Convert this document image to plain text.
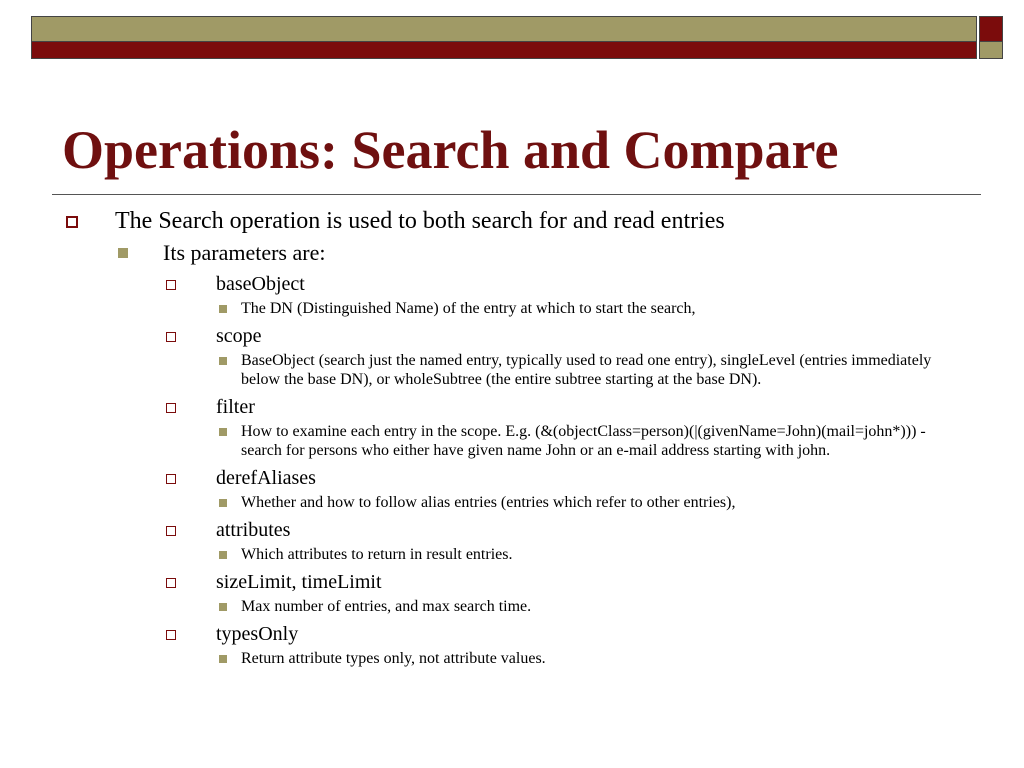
Operations: Search and Compare
The Search operation is used to both search for and read entries
Its parameters are:
baseObject
The DN (Distinguished Name) of the entry at which to start the search,
scope
BaseObject (search just the named entry, typically used to read one entry), singleLevel (entries immediately below the base DN), or wholeSubtree (the entire subtree starting at the base DN).
filter
How to examine each entry in the scope. E.g. (&(objectClass=person)(|(givenName=John)(mail=john*))) - search for persons who either have given name John or an e-mail address starting with john.
derefAliases
Whether and how to follow alias entries (entries which refer to other entries),
attributes
Which attributes to return in result entries.
sizeLimit, timeLimit
Max number of entries, and max search time.
typesOnly
Return attribute types only, not attribute values.
